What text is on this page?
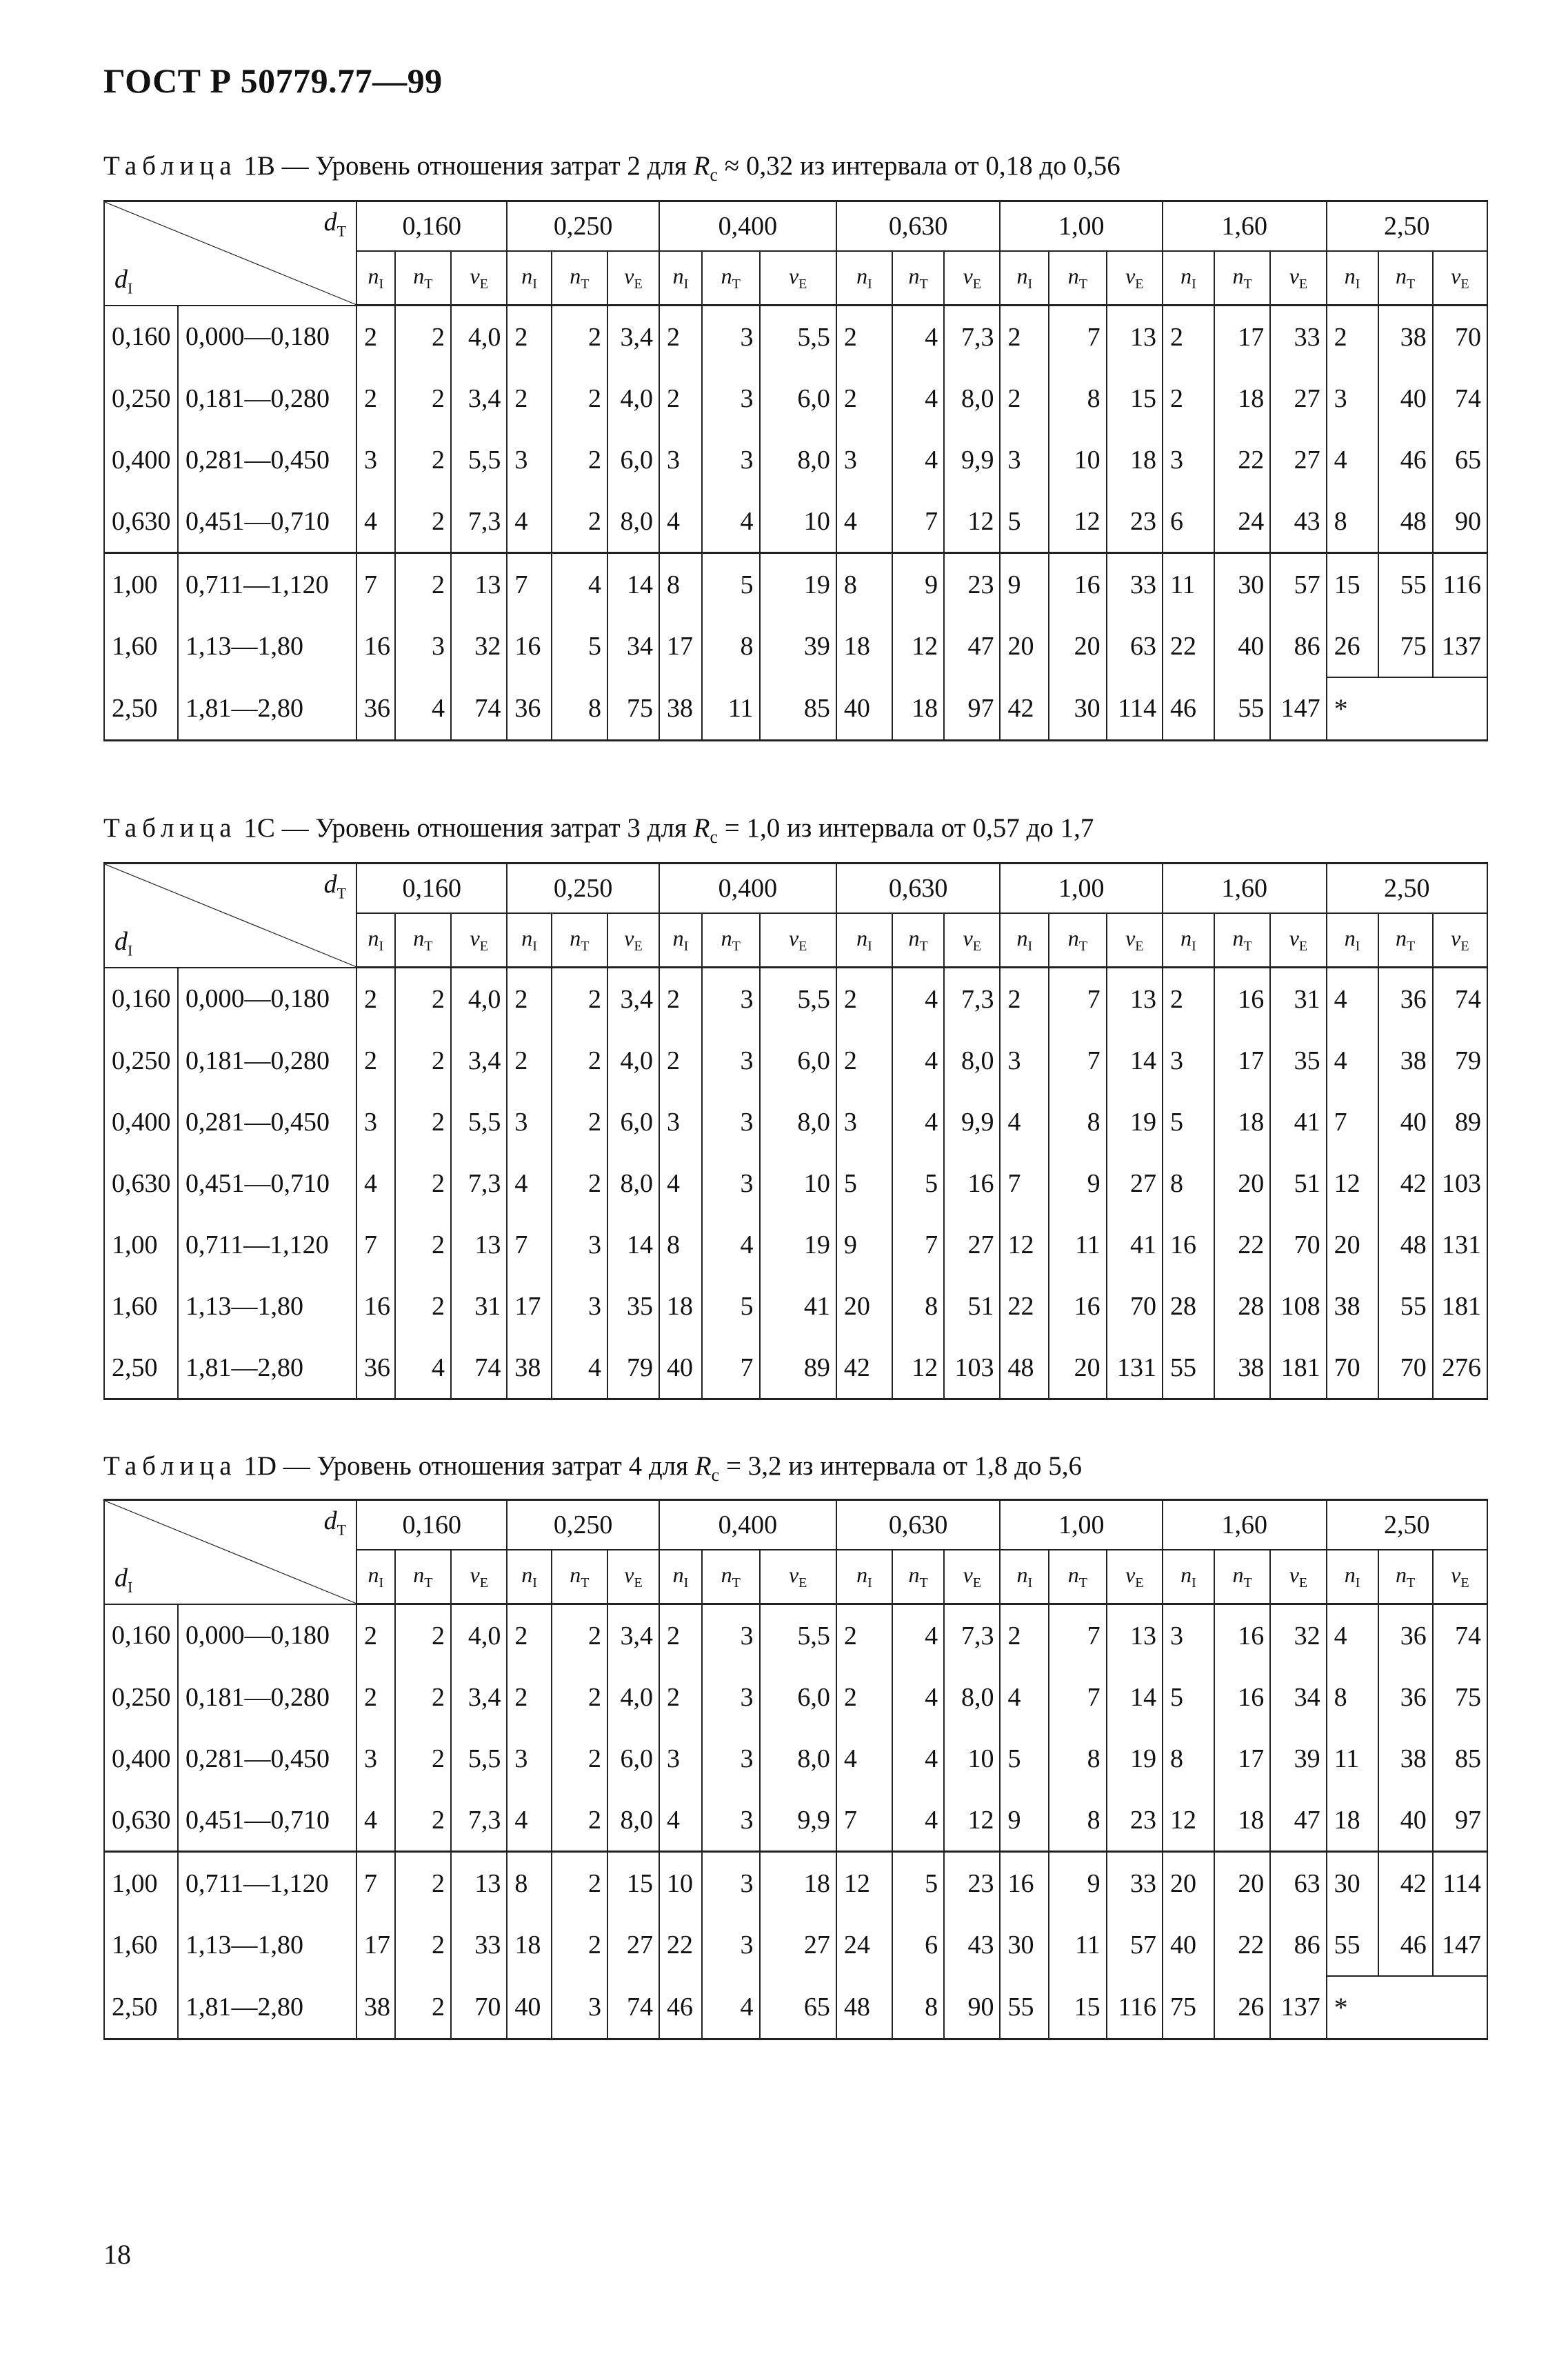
ГОСТ Р 50779.77—99
Таблица 1B — Уровень отношения затрат 2 для $R_c \approx 0,32$ из интервала от 0,18 до 0,56
$d_T$
$d_I$		0,160			0,250			0,400			0,630			1,00			1,60			2,50		
		$n_I$	$n_T$	$\nu_E$	$n_I$	$n_T$	$\nu_E$	$n_I$	$n_T$	$\nu_E$	$n_I$	$n_T$	$\nu_E$	$n_I$	$n_T$	$\nu_E$	$n_I$	$n_T$	$\nu_E$	$n_I$	$n_T$	$\nu_E$
0,160	0,000—0,180	2	2	4,0	2	2	3,4	2	3	5,5	2	4	7,3	2	7	13	2	17	33	2	38	70
0,250	0,181—0,280	2	2	3,4	2	2	4,0	2	3	6,0	2	4	8,0	2	8	15	2	18	27	3	40	74
0,400	0,281—0,450	3	2	5,5	3	2	6,0	3	3	8,0	3	4	9,9	3	10	18	3	22	27	4	46	65
0,630	0,451—0,710	4	2	7,3	4	2	8,0	4	4	10	4	7	12	5	12	23	6	24	43	8	48	90
1,00	0,711—1,120	7	2	13	7	4	14	8	5	19	8	9	23	9	16	33	11	30	57	15	55	116
1,60	1,13—1,80	16	3	32	16	5	34	17	8	39	18	12	47	20	20	63	22	40	86	26	75	137
2,50	1,81—2,80	36	4	74	36	8	75	38	11	85	40	18	97	42	30	114	46	55	147	*		
Таблица 1C — Уровень отношения затрат 3 для $R_c = 1,0$ из интервала от 0,57 до 1,7
$d_T$
$d_I$		0,160			0,250			0,400			0,630			1,00			1,60			2,50		
		$n_I$	$n_T$	$\nu_E$	$n_I$	$n_T$	$\nu_E$	$n_I$	$n_T$	$\nu_E$	$n_I$	$n_T$	$\nu_E$	$n_I$	$n_T$	$\nu_E$	$n_I$	$n_T$	$\nu_E$	$n_I$	$n_T$	$\nu_E$
0,160	0,000—0,180	2	2	4,0	2	2	3,4	2	3	5,5	2	4	7,3	2	7	13	2	16	31	4	36	74
0,250	0,181—0,280	2	2	3,4	2	2	4,0	2	3	6,0	2	4	8,0	3	7	14	3	17	35	4	38	79
0,400	0,281—0,450	3	2	5,5	3	2	6,0	3	3	8,0	3	4	9,9	4	8	19	5	18	41	7	40	89
0,630	0,451—0,710	4	2	7,3	4	2	8,0	4	3	10	5	5	16	7	9	27	8	20	51	12	42	103
1,00	0,711—1,120	7	2	13	7	3	14	8	4	19	9	7	27	12	11	41	16	22	70	20	48	131
1,60	1,13—1,80	16	2	31	17	3	35	18	5	41	20	8	51	22	16	70	28	28	108	38	55	181
2,50	1,81—2,80	36	4	74	38	4	79	40	7	89	42	12	103	48	20	131	55	38	181	70	70	276
Таблица 1D — Уровень отношения затрат 4 для $R_c = 3,2$ из интервала от 1,8 до 5,6
$d_T$
$d_I$		0,160			0,250			0,400			0,630			1,00			1,60			2,50		
		$n_I$	$n_T$	$\nu_E$	$n_I$	$n_T$	$\nu_E$	$n_I$	$n_T$	$\nu_E$	$n_I$	$n_T$	$\nu_E$	$n_I$	$n_T$	$\nu_E$	$n_I$	$n_T$	$\nu_E$	$n_I$	$n_T$	$\nu_E$
0,160	0,000—0,180	2	2	4,0	2	2	3,4	2	3	5,5	2	4	7,3	2	7	13	3	16	32	4	36	74
0,250	0,181—0,280	2	2	3,4	2	2	4,0	2	3	6,0	2	4	8,0	4	7	14	5	16	34	8	36	75
0,400	0,281—0,450	3	2	5,5	3	2	6,0	3	3	8,0	4	4	10	5	8	19	8	17	39	11	38	85
0,630	0,451—0,710	4	2	7,3	4	2	8,0	4	3	9,9	7	4	12	9	8	23	12	18	47	18	40	97
1,00	0,711—1,120	7	2	13	8	2	15	10	3	18	12	5	23	16	9	33	20	20	63	30	42	114
1,60	1,13—1,80	17	2	33	18	2	27	22	3	27	24	6	43	30	11	57	40	22	86	55	46	147
2,50	1,81—2,80	38	2	70	40	3	74	46	4	65	48	8	90	55	15	116	75	26	137	*		
18
